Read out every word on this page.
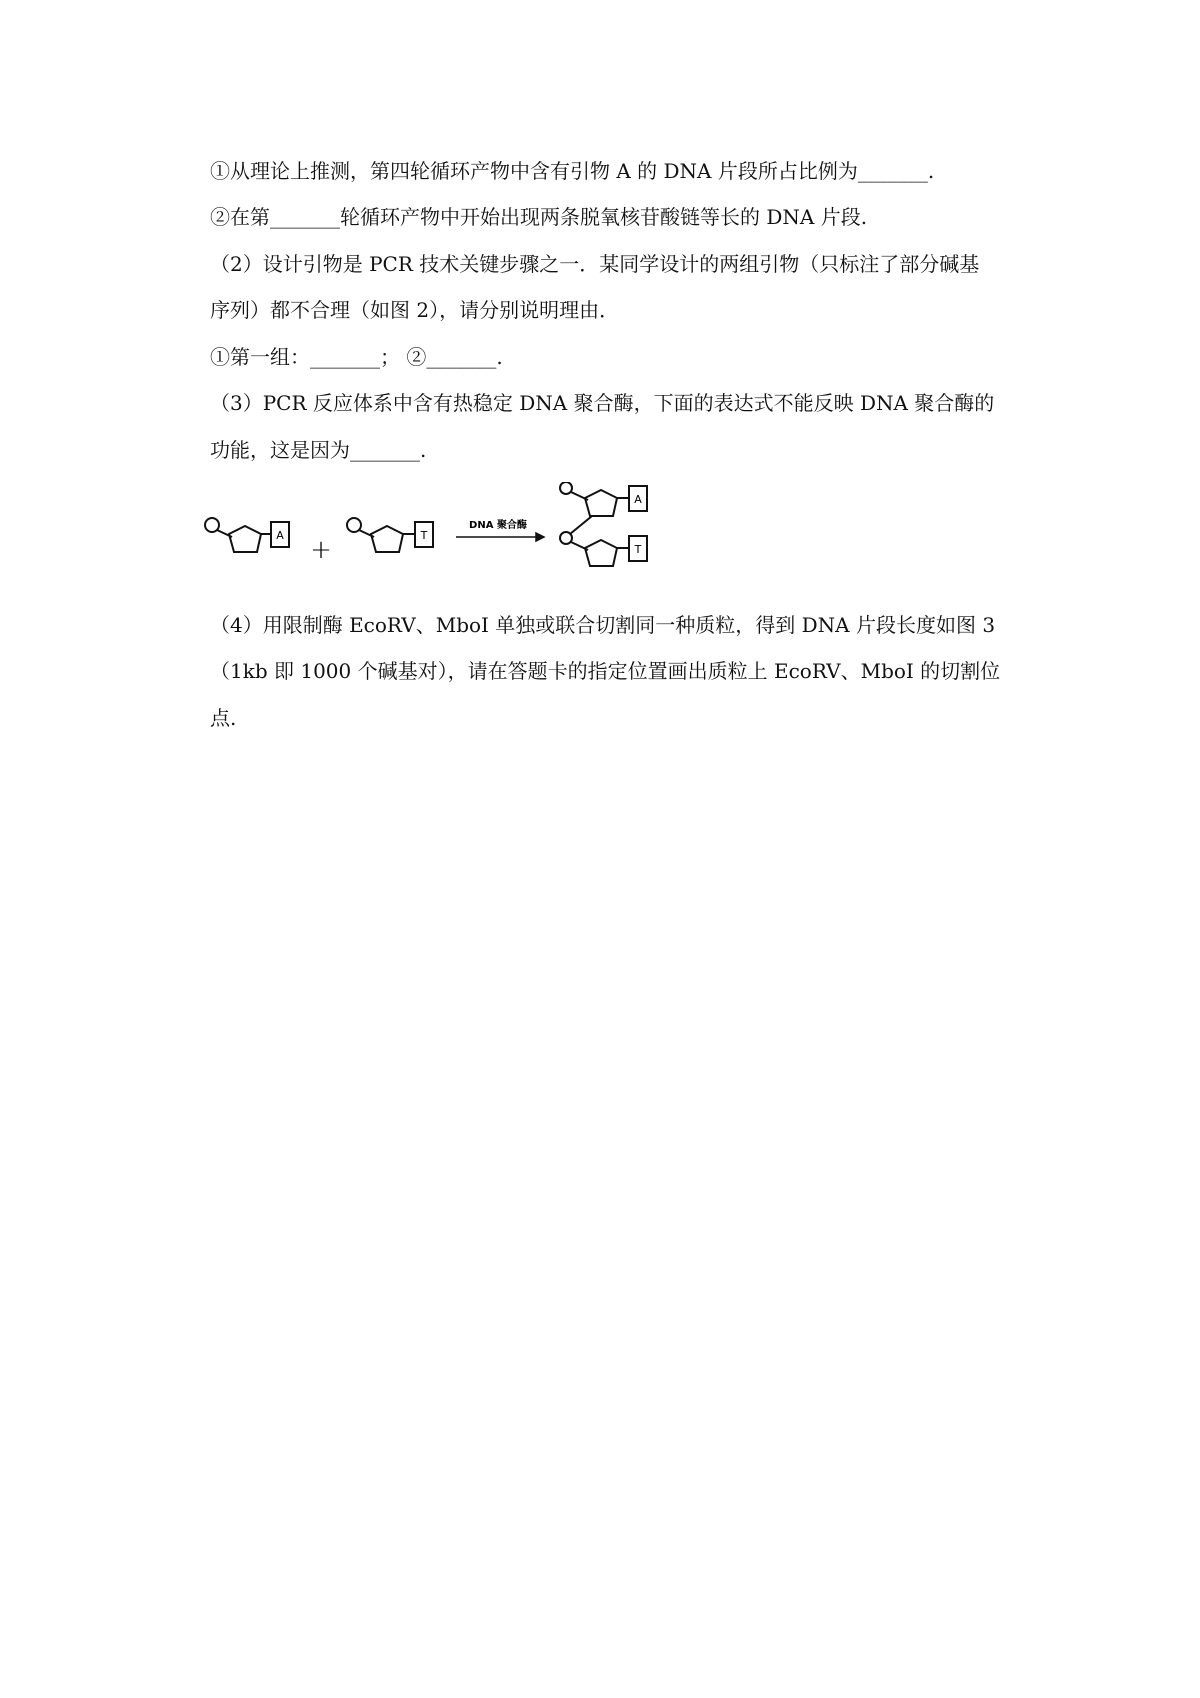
①从理论上推测，第四轮循环产物中含有引物 A 的 DNA 片段所占比例为_______.
②在第_______轮循环产物中开始出现两条脱氧核苷酸链等长的 DNA 片段.
（2）设计引物是 PCR 技术关键步骤之一．某同学设计的两组引物（只标注了部分碱基
序列）都不合理（如图 2），请分别说明理由．
①第一组：_______； ②_______.
（3）PCR 反应体系中含有热稳定 DNA 聚合酶，下面的表达式不能反映 DNA 聚合酶的
功能，这是因为_______.
A +	T
DNA 聚合酶
A
T
（4）用限制酶 EcoRV、MboI 单独或联合切割同一种质粒，得到 DNA 片段长度如图 3
（1kb 即 1000 个碱基对），请在答题卡的指定位置画出质粒上 EcoRV、MboI 的切割位
点.
